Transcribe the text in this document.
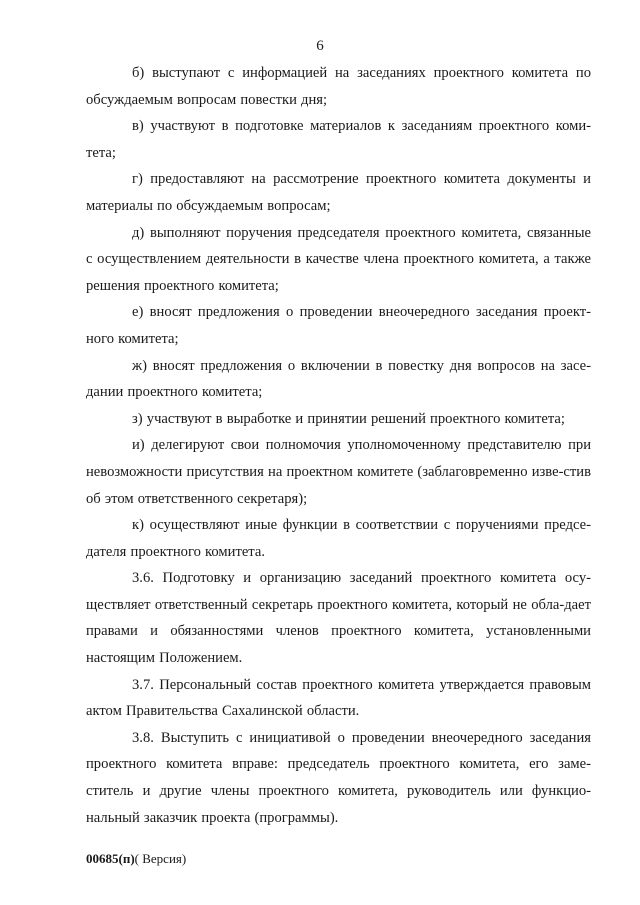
6

б) выступают с информацией на заседаниях проектного комитета по обсуждаемым вопросам повестки дня;

в) участвуют в подготовке материалов к заседаниям проектного коми-тета;

г) предоставляют на рассмотрение проектного комитета документы и материалы по обсуждаемым вопросам;

д) выполняют поручения председателя проектного комитета, связанные с осуществлением деятельности в качестве члена проектного комитета, а также решения проектного комитета;

е) вносят предложения о проведении внеочередного заседания проект-ного комитета;

ж) вносят предложения о включении в повестку дня вопросов на засе-дании проектного комитета;

з) участвуют в выработке и принятии решений проектного комитета;

и) делегируют свои полномочия уполномоченному представителю при невозможности присутствия на проектном комитете (заблаговременно изве-стив об этом ответственного секретаря);

к) осуществляют иные функции в соответствии с поручениями предсе-дателя проектного комитета.

3.6. Подготовку и организацию заседаний проектного комитета осу-ществляет ответственный секретарь проектного комитета, который не обла-дает правами и обязанностями членов проектного комитета, установленными настоящим Положением.

3.7. Персональный состав проектного комитета утверждается правовым актом Правительства Сахалинской области.

3.8. Выступить с инициативой о проведении внеочередного заседания проектного комитета вправе: председатель проектного комитета, его заме-ститель и другие члены проектного комитета, руководитель или функцио-нальный заказчик проекта (программы).

00685(п)( Версия)
